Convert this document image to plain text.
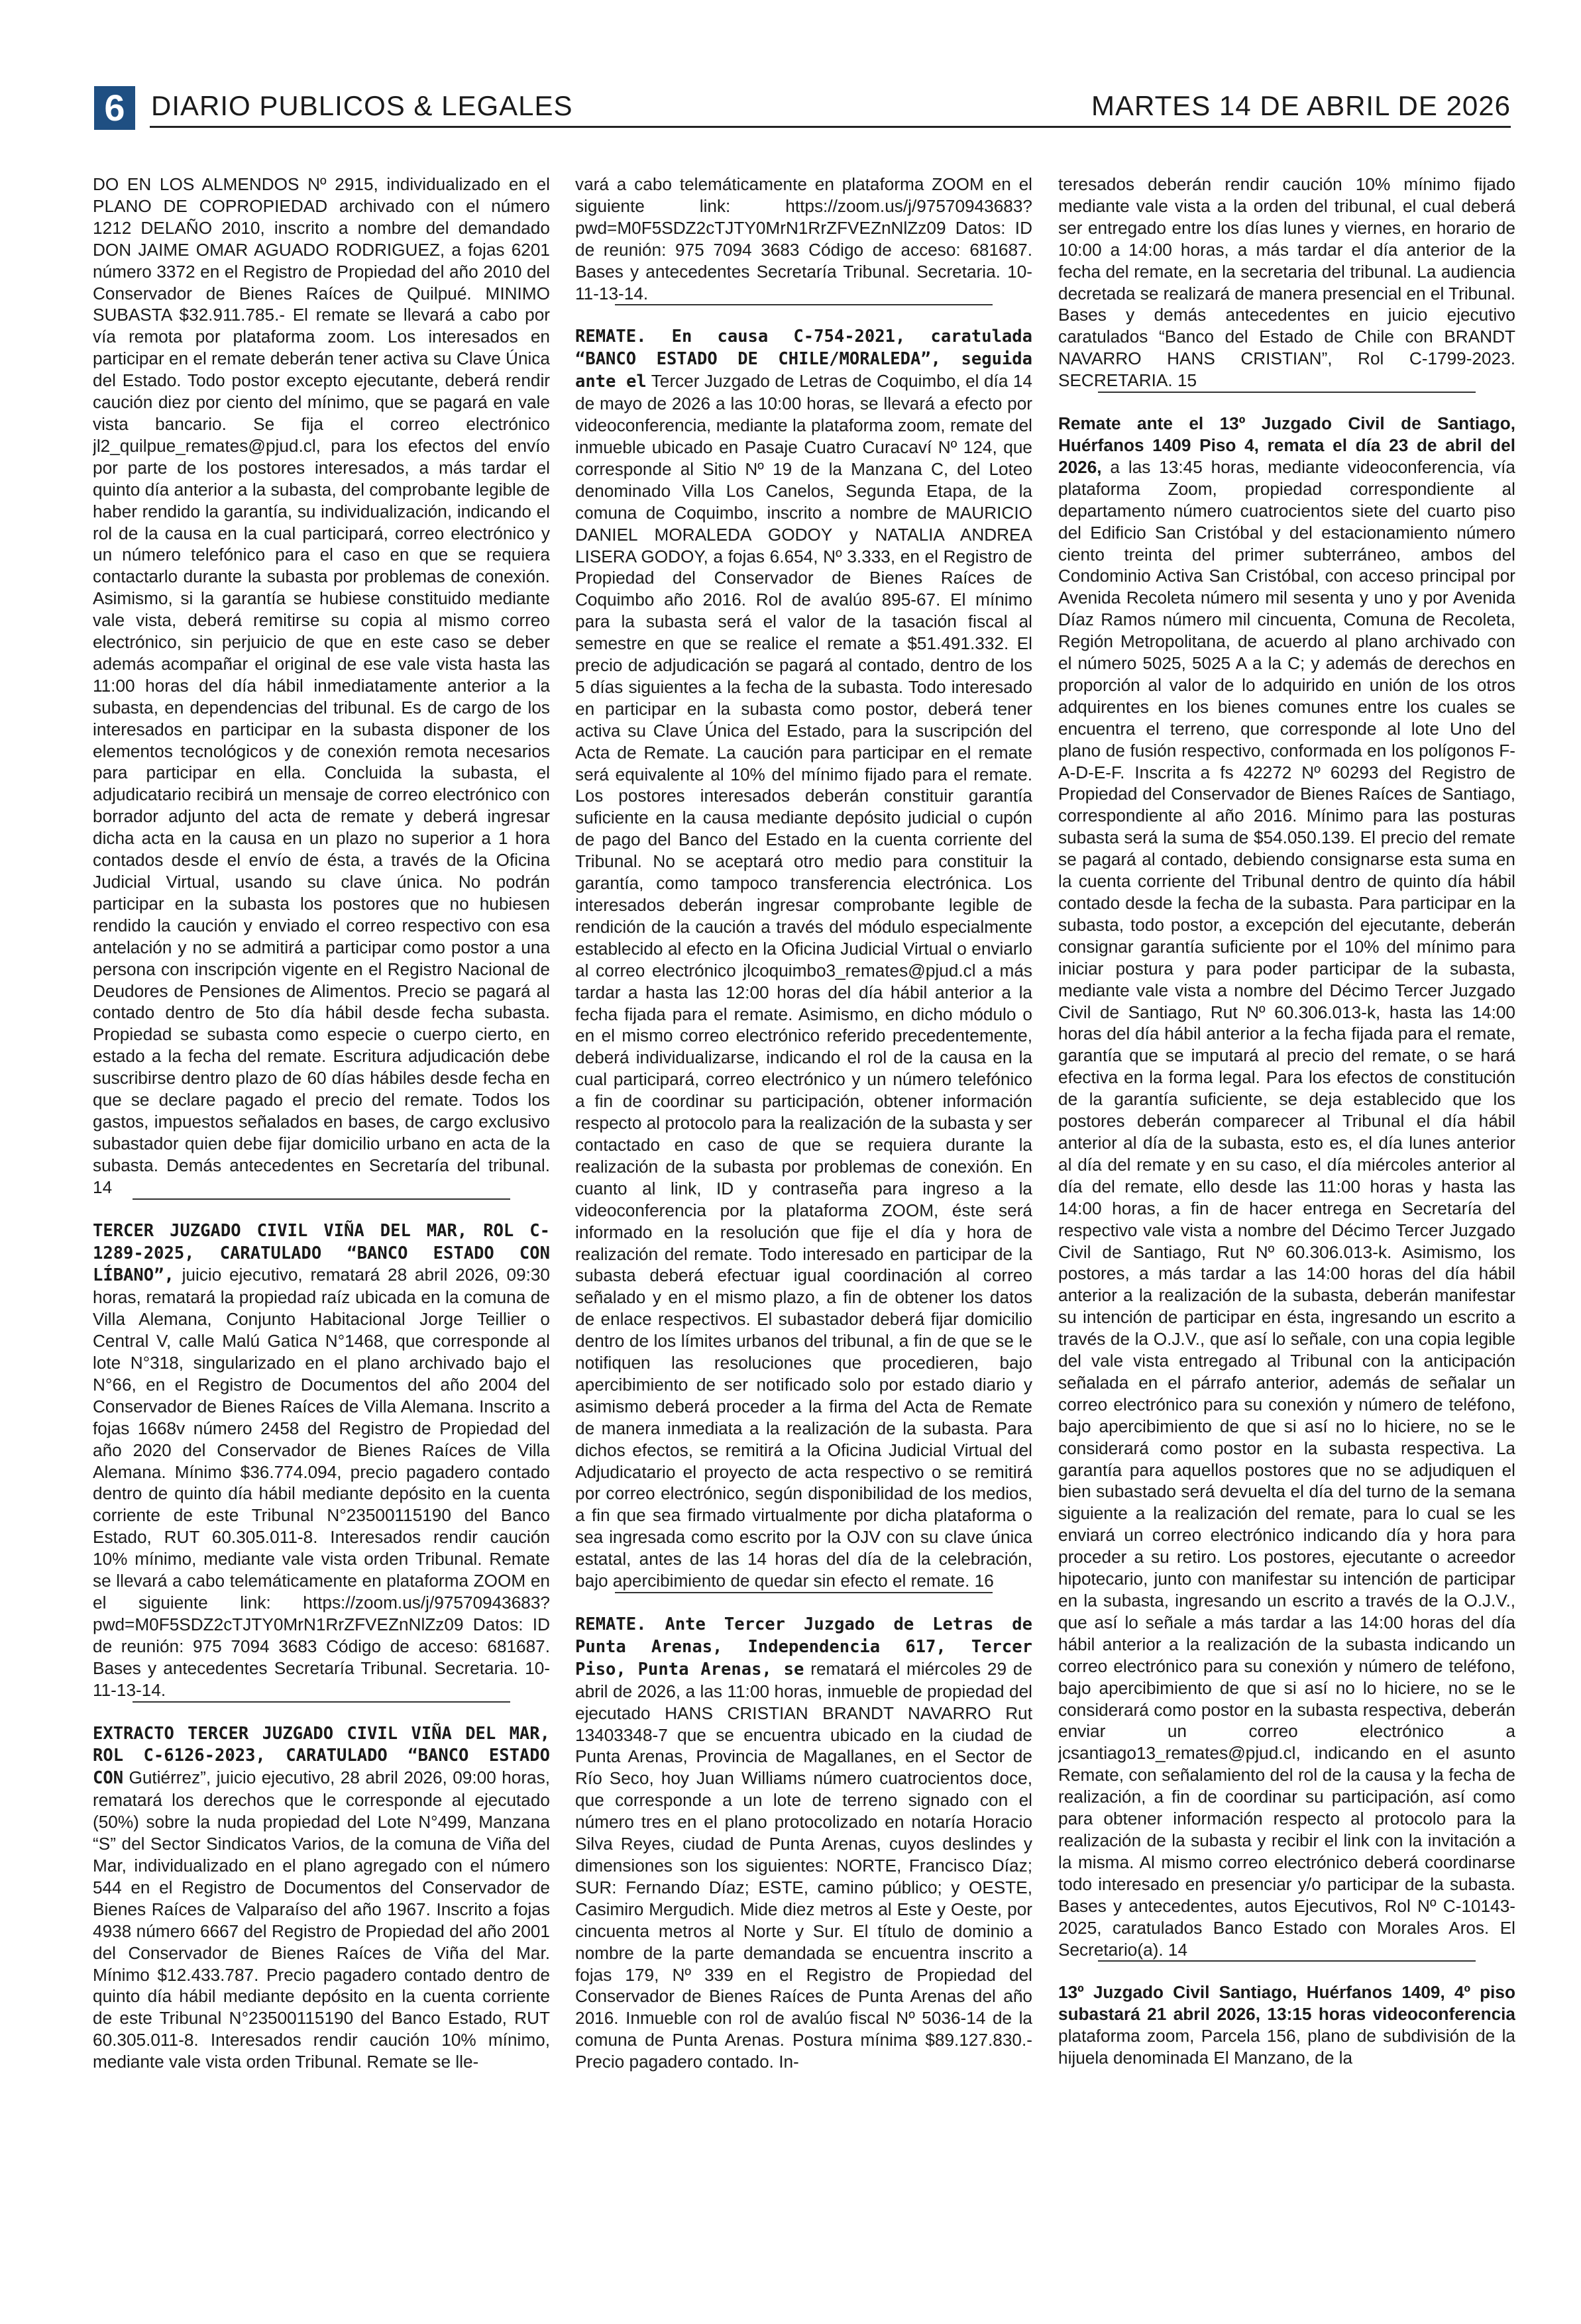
6 DIARIO PUBLICOS & LEGALES	MARTES 14 DE ABRIL DE 2026

DO EN LOS ALMENDOS Nº 2915, individualizado en el PLANO DE COPROPIEDAD archivado con el número 1212 DELAÑO 2010, inscrito a nombre del demandado DON JAIME OMAR AGUADO RODRIGUEZ, a fojas 6201 número 3372 en el Registro de Propiedad del año 2010 del Conservador de Bienes Raíces de Quilpué. MINIMO SUBASTA $32.911.785.- El remate se llevará a cabo por vía remota por plataforma zoom. Los interesados en participar en el remate deberán tener activa su Clave Única del Estado. Todo postor excepto ejecutante, deberá rendir caución diez por ciento del mínimo, que se pagará en vale vista bancario. Se fija el correo electrónico jl2_quilpue_remates@pjud.cl, para los efectos del envío por parte de los postores interesados, a más tardar el quinto día anterior a la subasta, del comprobante legible de haber rendido la garantía, su individualización, indicando el rol de la causa en la cual participará, correo electrónico y un número telefónico para el caso en que se requiera contactarlo durante la subasta por problemas de conexión. Asimismo, si la garantía se hubiese constituido mediante vale vista, deberá remitirse su copia al mismo correo electrónico, sin perjuicio de que en este caso se deber además acompañar el original de ese vale vista hasta las 11:00 horas del día hábil inmediatamente anterior a la subasta, en dependencias del tribunal. Es de cargo de los interesados en participar en la subasta disponer de los elementos tecnológicos y de conexión remota necesarios para participar en ella. Concluida la subasta, el adjudicatario recibirá un mensaje de correo electrónico con borrador adjunto del acta de remate y deberá ingresar dicha acta en la causa en un plazo no superior a 1 hora contados desde el envío de ésta, a través de la Oficina Judicial Virtual, usando su clave única. No podrán participar en la subasta los postores que no hubiesen rendido la caución y enviado el correo respectivo con esa antelación y no se admitirá a participar como postor a una persona con inscripción vigente en el Registro Nacional de Deudores de Pensiones de Alimentos. Precio se pagará al contado dentro de 5to día hábil desde fecha subasta. Propiedad se subasta como especie o cuerpo cierto, en estado a la fecha del remate. Escritura adjudicación debe suscribirse dentro plazo de 60 días hábiles desde fecha en que se declare pagado el precio del remate. Todos los gastos, impuestos señalados en bases, de cargo exclusivo subastador quien debe fijar domicilio urbano en acta de la subasta. Demás antecedentes en Secretaría del tribunal. 14

TERCER JUZGADO CIVIL VIÑA DEL MAR, ROL C-1289-2025, CARATULADO “BANCO ESTADO CON LÍBANO”, juicio ejecutivo, rematará 28 abril 2026, 09:30 horas, rematará la propiedad raíz ubicada en la comuna de Villa Alemana, Conjunto Habitacional Jorge Teillier o Central V, calle Malú Gatica N°1468, que corresponde al lote N°318, singularizado en el plano archivado bajo el N°66, en el Registro de Documentos del año 2004 del Conservador de Bienes Raíces de Villa Alemana. Inscrito a fojas 1668v número 2458 del Registro de Propiedad del año 2020 del Conservador de Bienes Raíces de Villa Alemana. Mínimo $36.774.094, precio pagadero contado dentro de quinto día hábil mediante depósito en la cuenta corriente de este Tribunal N°23500115190 del Banco Estado, RUT 60.305.011-8. Interesados rendir caución 10% mínimo, mediante vale vista orden Tribunal. Remate se llevará a cabo telemáticamente en plataforma ZOOM en el siguiente link: https://zoom.us/j/97570943683?pwd=M0F5SDZ2cTJTY0MrN1RrZFVEZnNlZz09 Datos: ID de reunión: 975 7094 3683 Código de acceso: 681687. Bases y antecedentes Secretaría Tribunal. Secretaria. 10-11-13-14.

EXTRACTO TERCER JUZGADO CIVIL VIÑA DEL MAR, ROL C-6126-2023, CARATULADO “BANCO ESTADO CON Gutiérrez”, juicio ejecutivo, 28 abril 2026, 09:00 horas, rematará los derechos que le corresponde al ejecutado (50%) sobre la nuda propiedad del Lote N°499, Manzana “S” del Sector Sindicatos Varios, de la comuna de Viña del Mar, individualizado en el plano agregado con el número 544 en el Registro de Documentos del Conservador de Bienes Raíces de Valparaíso del año 1967. Inscrito a fojas 4938 número 6667 del Registro de Propiedad del año 2001 del Conservador de Bienes Raíces de Viña del Mar. Mínimo $12.433.787. Precio pagadero contado dentro de quinto día hábil mediante depósito en la cuenta corriente de este Tribunal N°23500115190 del Banco Estado, RUT 60.305.011-8. Interesados rendir caución 10% mínimo, mediante vale vista orden Tribunal. Remate se lle-

vará a cabo telemáticamente en plataforma ZOOM en el siguiente link: https://zoom.us/j/97570943683?pwd=M0F5SDZ2cTJTY0MrN1RrZFVEZnNlZz09 Datos: ID de reunión: 975 7094 3683 Código de acceso: 681687. Bases y antecedentes Secretaría Tribunal. Secretaria. 10-11-13-14.

REMATE. En causa C-754-2021, caratulada “BANCO ESTADO DE CHILE/MORALEDA”, seguida ante el Tercer Juzgado de Letras de Coquimbo, el día 14 de mayo de 2026 a las 10:00 horas, se llevará a efecto por videoconferencia, mediante la plataforma zoom, remate del inmueble ubicado en Pasaje Cuatro Curacaví Nº 124, que corresponde al Sitio Nº 19 de la Manzana C, del Loteo denominado Villa Los Canelos, Segunda Etapa, de la comuna de Coquimbo, inscrito a nombre de MAURICIO DANIEL MORALEDA GODOY y NATALIA ANDREA LISERA GODOY, a fojas 6.654, Nº 3.333, en el Registro de Propiedad del Conservador de Bienes Raíces de Coquimbo año 2016. Rol de avalúo 895-67. El mínimo para la subasta será el valor de la tasación fiscal al semestre en que se realice el remate a $51.491.332. El precio de adjudicación se pagará al contado, dentro de los 5 días siguientes a la fecha de la subasta. Todo interesado en participar en la subasta como postor, deberá tener activa su Clave Única del Estado, para la suscripción del Acta de Remate. La caución para participar en el remate será equivalente al 10% del mínimo fijado para el remate. Los postores interesados deberán constituir garantía suficiente en la causa mediante depósito judicial o cupón de pago del Banco del Estado en la cuenta corriente del Tribunal. No se aceptará otro medio para constituir la garantía, como tampoco transferencia electrónica. Los interesados deberán ingresar comprobante legible de rendición de la caución a través del módulo especialmente establecido al efecto en la Oficina Judicial Virtual o enviarlo al correo electrónico jlcoquimbo3_remates@pjud.cl a más tardar a hasta las 12:00 horas del día hábil anterior a la fecha fijada para el remate. Asimismo, en dicho módulo o en el mismo correo electrónico referido precedentemente, deberá individualizarse, indicando el rol de la causa en la cual participará, correo electrónico y un número telefónico a fin de coordinar su participación, obtener información respecto al protocolo para la realización de la subasta y ser contactado en caso de que se requiera durante la realización de la subasta por problemas de conexión. En cuanto al link, ID y contraseña para ingreso a la videoconferencia por la plataforma ZOOM, éste será informado en la resolución que fije el día y hora de realización del remate. Todo interesado en participar de la subasta deberá efectuar igual coordinación al correo señalado y en el mismo plazo, a fin de obtener los datos de enlace respectivos. El subastador deberá fijar domicilio dentro de los límites urbanos del tribunal, a fin de que se le notifiquen las resoluciones que procedieren, bajo apercibimiento de ser notificado solo por estado diario y asimismo deberá proceder a la firma del Acta de Remate de manera inmediata a la realización de la subasta. Para dichos efectos, se remitirá a la Oficina Judicial Virtual del Adjudicatario el proyecto de acta respectivo o se remitirá por correo electrónico, según disponibilidad de los medios, a fin que sea firmado virtualmente por dicha plataforma o sea ingresada como escrito por la OJV con su clave única estatal, antes de las 14 horas del día de la celebración, bajo apercibimiento de quedar sin efecto el remate. 16

REMATE. Ante Tercer Juzgado de Letras de Punta Arenas, Independencia 617, Tercer Piso, Punta Arenas, se rematará el miércoles 29 de abril de 2026, a las 11:00 horas, inmueble de propiedad del ejecutado HANS CRISTIAN BRANDT NAVARRO Rut 13403348-7 que se encuentra ubicado en la ciudad de Punta Arenas, Provincia de Magallanes, en el Sector de Río Seco, hoy Juan Williams número cuatrocientos doce, que corresponde a un lote de terreno signado con el número tres en el plano protocolizado en notaría Horacio Silva Reyes, ciudad de Punta Arenas, cuyos deslindes y dimensiones son los siguientes: NORTE, Francisco Díaz; SUR: Fernando Díaz; ESTE, camino público; y OESTE, Casimiro Mergudich. Mide diez metros al Este y Oeste, por cincuenta metros al Norte y Sur. El título de dominio a nombre de la parte demandada se encuentra inscrito a fojas 179, Nº 339 en el Registro de Propiedad del Conservador de Bienes Raíces de Punta Arenas del año 2016. Inmueble con rol de avalúo fiscal Nº 5036-14 de la comuna de Punta Arenas. Postura mínima $89.127.830.- Precio pagadero contado. In-

teresados deberán rendir caución 10% mínimo fijado mediante vale vista a la orden del tribunal, el cual deberá ser entregado entre los días lunes y viernes, en horario de 10:00 a 14:00 horas, a más tardar el día anterior de la fecha del remate, en la secretaria del tribunal. La audiencia decretada se realizará de manera presencial en el Tribunal. Bases y demás antecedentes en juicio ejecutivo caratulados “Banco del Estado de Chile con BRANDT NAVARRO HANS CRISTIAN”, Rol C-1799-2023. SECRETARIA. 15

Remate ante el 13º Juzgado Civil de Santiago, Huérfanos 1409 Piso 4, remata el día 23 de abril del 2026, a las 13:45 horas, mediante videoconferencia, vía plataforma Zoom, propiedad correspondiente al departamento número cuatrocientos siete del cuarto piso del Edificio San Cristóbal y del estacionamiento número ciento treinta del primer subterráneo, ambos del Condominio Activa San Cristóbal, con acceso principal por Avenida Recoleta número mil sesenta y uno y por Avenida Díaz Ramos número mil cincuenta, Comuna de Recoleta, Región Metropolitana, de acuerdo al plano archivado con el número 5025, 5025 A a la C; y además de derechos en proporción al valor de lo adquirido en unión de los otros adquirentes en los bienes comunes entre los cuales se encuentra el terreno, que corresponde al lote Uno del plano de fusión respectivo, conformada en los polígonos F-A-D-E-F. Inscrita a fs 42272 Nº 60293 del Registro de Propiedad del Conservador de Bienes Raíces de Santiago, correspondiente al año 2016. Mínimo para las posturas subasta será la suma de $54.050.139. El precio del remate se pagará al contado, debiendo consignarse esta suma en la cuenta corriente del Tribunal dentro de quinto día hábil contado desde la fecha de la subasta. Para participar en la subasta, todo postor, a excepción del ejecutante, deberán consignar garantía suficiente por el 10% del mínimo para iniciar postura y para poder participar de la subasta, mediante vale vista a nombre del Décimo Tercer Juzgado Civil de Santiago, Rut Nº 60.306.013-k, hasta las 14:00 horas del día hábil anterior a la fecha fijada para el remate, garantía que se imputará al precio del remate, o se hará efectiva en la forma legal. Para los efectos de constitución de la garantía suficiente, se deja establecido que los postores deberán comparecer al Tribunal el día hábil anterior al día de la subasta, esto es, el día lunes anterior al día del remate y en su caso, el día miércoles anterior al día del remate, ello desde las 11:00 horas y hasta las 14:00 horas, a fin de hacer entrega en Secretaría del respectivo vale vista a nombre del Décimo Tercer Juzgado Civil de Santiago, Rut Nº 60.306.013-k. Asimismo, los postores, a más tardar a las 14:00 horas del día hábil anterior a la realización de la subasta, deberán manifestar su intención de participar en ésta, ingresando un escrito a través de la O.J.V., que así lo señale, con una copia legible del vale vista entregado al Tribunal con la anticipación señalada en el párrafo anterior, además de señalar un correo electrónico para su conexión y número de teléfono, bajo apercibimiento de que si así no lo hiciere, no se le considerará como postor en la subasta respectiva. La garantía para aquellos postores que no se adjudiquen el bien subastado será devuelta el día del turno de la semana siguiente a la realización del remate, para lo cual se les enviará un correo electrónico indicando día y hora para proceder a su retiro. Los postores, ejecutante o acreedor hipotecario, junto con manifestar su intención de participar en la subasta, ingresando un escrito a través de la O.J.V., que así lo señale a más tardar a las 14:00 horas del día hábil anterior a la realización de la subasta indicando un correo electrónico para su conexión y número de teléfono, bajo apercibimiento de que si así no lo hiciere, no se le considerará como postor en la subasta respectiva, deberán enviar un correo electrónico a jcsantiago13_remates@pjud.cl, indicando en el asunto Remate, con señalamiento del rol de la causa y la fecha de realización, a fin de coordinar su participación, así como para obtener información respecto al protocolo para la realización de la subasta y recibir el link con la invitación a la misma. Al mismo correo electrónico deberá coordinarse todo interesado en presenciar y/o participar de la subasta. Bases y antecedentes, autos Ejecutivos, Rol Nº C-10143-2025, caratulados Banco Estado con Morales Aros. El Secretario(a). 14

13º Juzgado Civil Santiago, Huérfanos 1409, 4º piso subastará 21 abril 2026, 13:15 horas videoconferencia plataforma zoom, Parcela 156, plano de subdivisión de la hijuela denominada El Manzano, de la
